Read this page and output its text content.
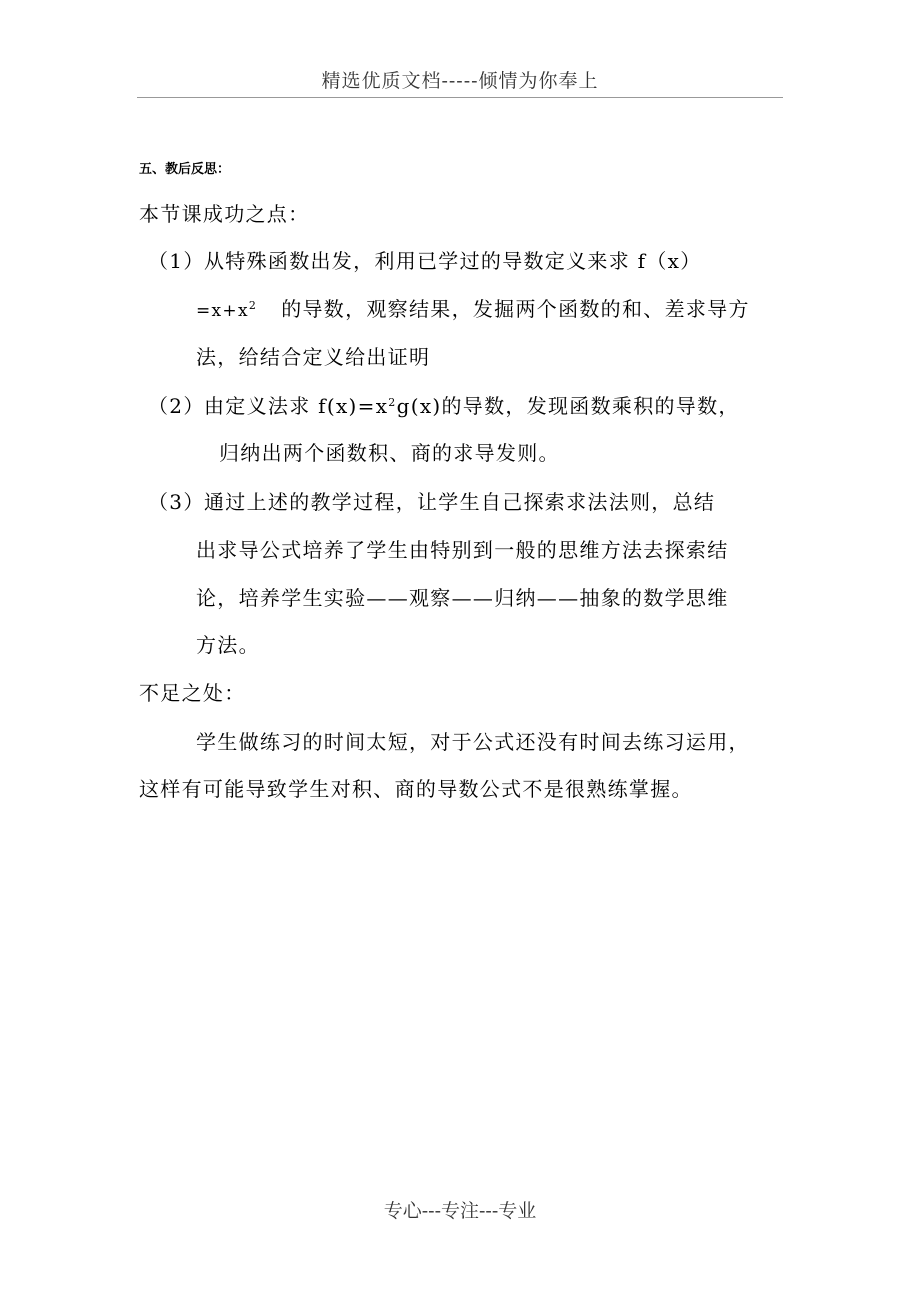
精选优质文档-----倾情为你奉上
五、教后反思：
本节课成功之点：
（1）从特殊函数出发，利用已学过的导数定义来求 f（x）
$=x+x^2$ 的导数，观察结果，发掘两个函数的和、差求导方
法，给结合定义给出证明
（2）由定义法求 $f(x)=x^2g(x)$的导数，发现函数乘积的导数，
归纳出两个函数积、商的求导发则。
（3）通过上述的教学过程，让学生自己探索求法法则，总结
出求导公式培养了学生由特别到一般的思维方法去探索结
论，培养学生实验——观察——归纳——抽象的数学思维
方法。
不足之处：
学生做练习的时间太短，对于公式还没有时间去练习运用，
这样有可能导致学生对积、商的导数公式不是很熟练掌握。
专心---专注---专业
